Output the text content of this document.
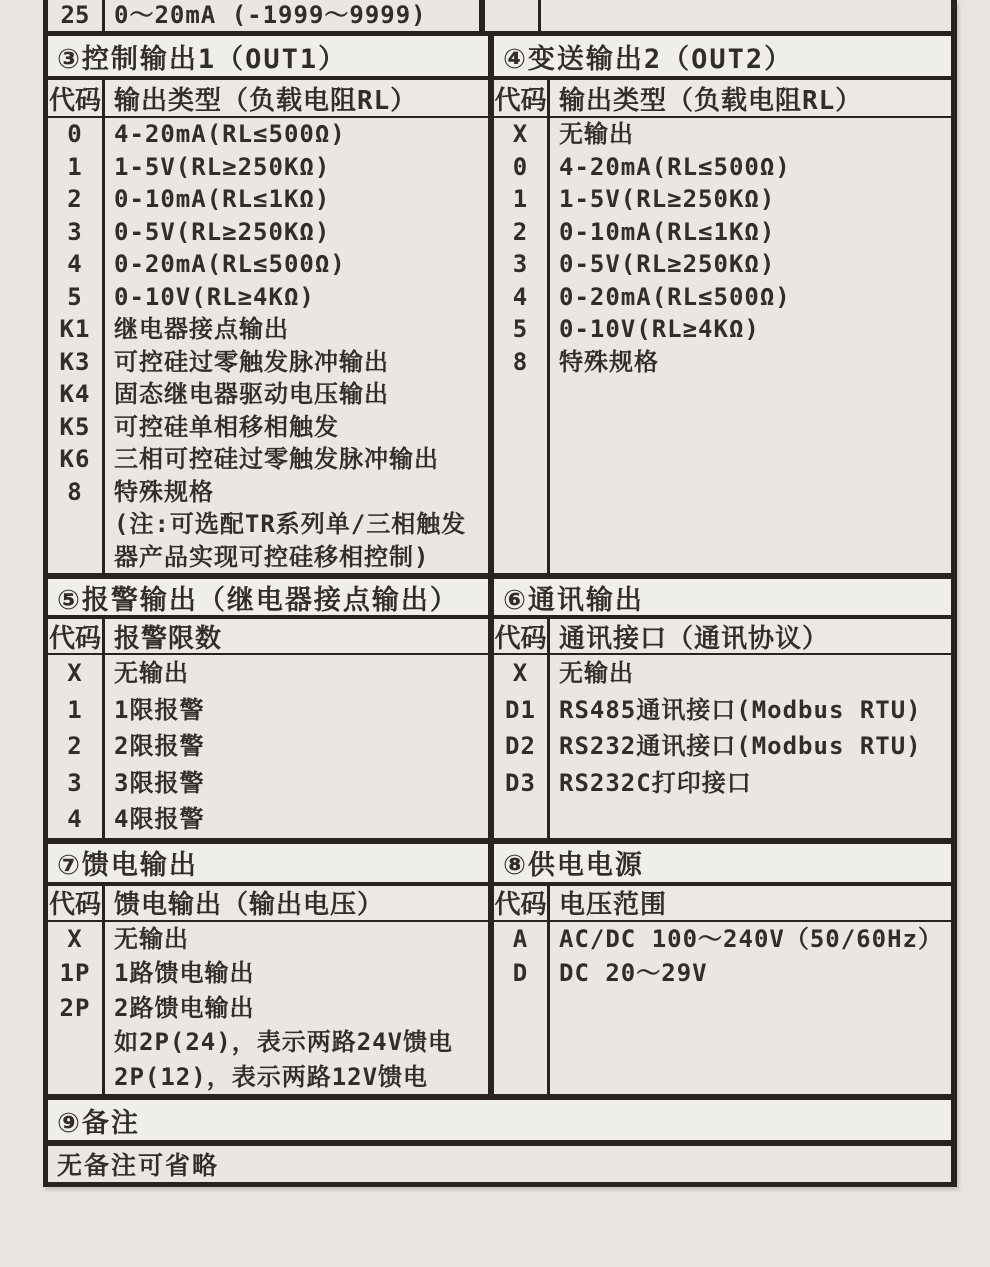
25	0～20mA (-1999～9999)
③控制输出1（OUT1）
代码 输出类型（负载电阻RL）
0
1
2
3
4
5
K1
K3
K4
K5
K6
8
4-20mA(RL≤500Ω)
1-5V(RL≥250KΩ)
0-10mA(RL≤1KΩ)
0-5V(RL≥250KΩ)
0-20mA(RL≤500Ω)
0-10V(RL≥4KΩ)
继电器接点输出
可控硅过零触发脉冲输出
固态继电器驱动电压输出
可控硅单相移相触发
三相可控硅过零触发脉冲输出
特殊规格
(注:可选配TR系列单/三相触发
器产品实现可控硅移相控制)
④变送输出2（OUT2）
代码 输出类型（负载电阻RL）
X
0
1
2
3
4
5
8
无输出
4-20mA(RL≤500Ω)
1-5V(RL≥250KΩ)
0-10mA(RL≤1KΩ)
0-5V(RL≥250KΩ)
0-20mA(RL≤500Ω)
0-10V(RL≥4KΩ)
特殊规格
⑤报警输出（继电器接点输出）
代码 报警限数
X
1
2
3
4
无输出
1限报警
2限报警
3限报警
4限报警
⑥通讯输出
代码 通讯接口（通讯协议）
X
D1
D2
D3
无输出
RS485通讯接口(Modbus RTU)
RS232通讯接口(Modbus RTU)
RS232C打印接口
⑦馈电输出
代码 馈电输出（输出电压）
X
1P
2P
无输出
1路馈电输出
2路馈电输出
如2P(24)，表示两路24V馈电
2P(12)，表示两路12V馈电
⑧供电电源
代码 电压范围
A
D
AC/DC 100～240V（50/60Hz）
DC 20～29V
⑨备注
无备注可省略
